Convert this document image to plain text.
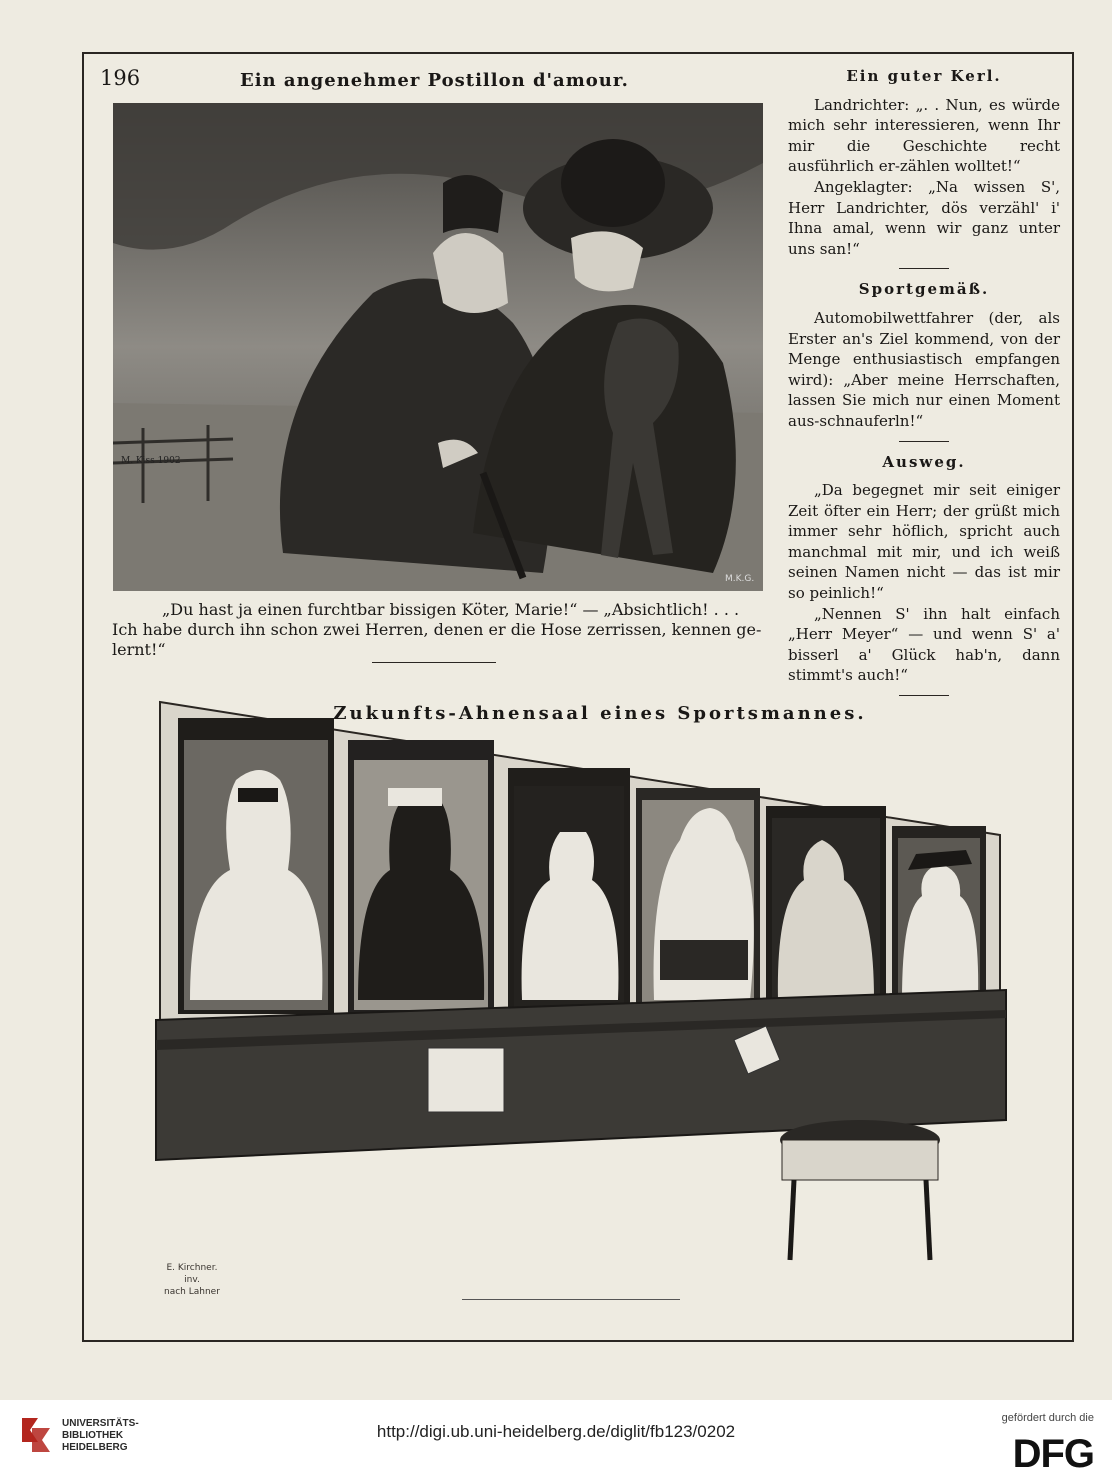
196	Ein angenehmer Postillon d'amour.
M.K.G.
M. Kiss 1902
„Du hast ja einen furchtbar bissigen Köter, Marie!“ — „Absichtlich! . . .
Ich habe durch ihn schon zwei Herren, denen er die Hose zerrissen, kennen ge-
lernt!“
Ein guter Kerl.

Landrichter: „. . Nun, es würde mich sehr interessieren, wenn Ihr mir die Geschichte recht ausführlich er-zählen wolltet!“

Angeklagter: „Na wissen S', Herr Landrichter, dös verzähl' i' Ihna amal, wenn wir ganz unter uns san!“

Sportgemäß.

Automobilwettfahrer (der, als Erster an's Ziel kommend, von der Menge enthusiastisch empfangen wird): „Aber meine Herrschaften, lassen Sie mich nur einen Moment aus-schnauferln!“

Ausweg.

„Da begegnet mir seit einiger Zeit öfter ein Herr; der grüßt mich immer sehr höflich, spricht auch manchmal mit mir, und ich weiß seinen Namen nicht — das ist mir so peinlich!“

„Nennen S' ihn halt einfach „Herr Meyer“ — und wenn S' a' bisserl a' Glück hab'n, dann stimmt's auch!“

Zukunfts-Ahnensaal eines Sportsmannes.
E. Kirchner.
inv.
nach Lahner
UNIVERSITÄTS-
BIBLIOTHEK
HEIDELBERG
http://digi.ub.uni-heidelberg.de/diglit/fb123/0202
gefördert durch die
DFG
